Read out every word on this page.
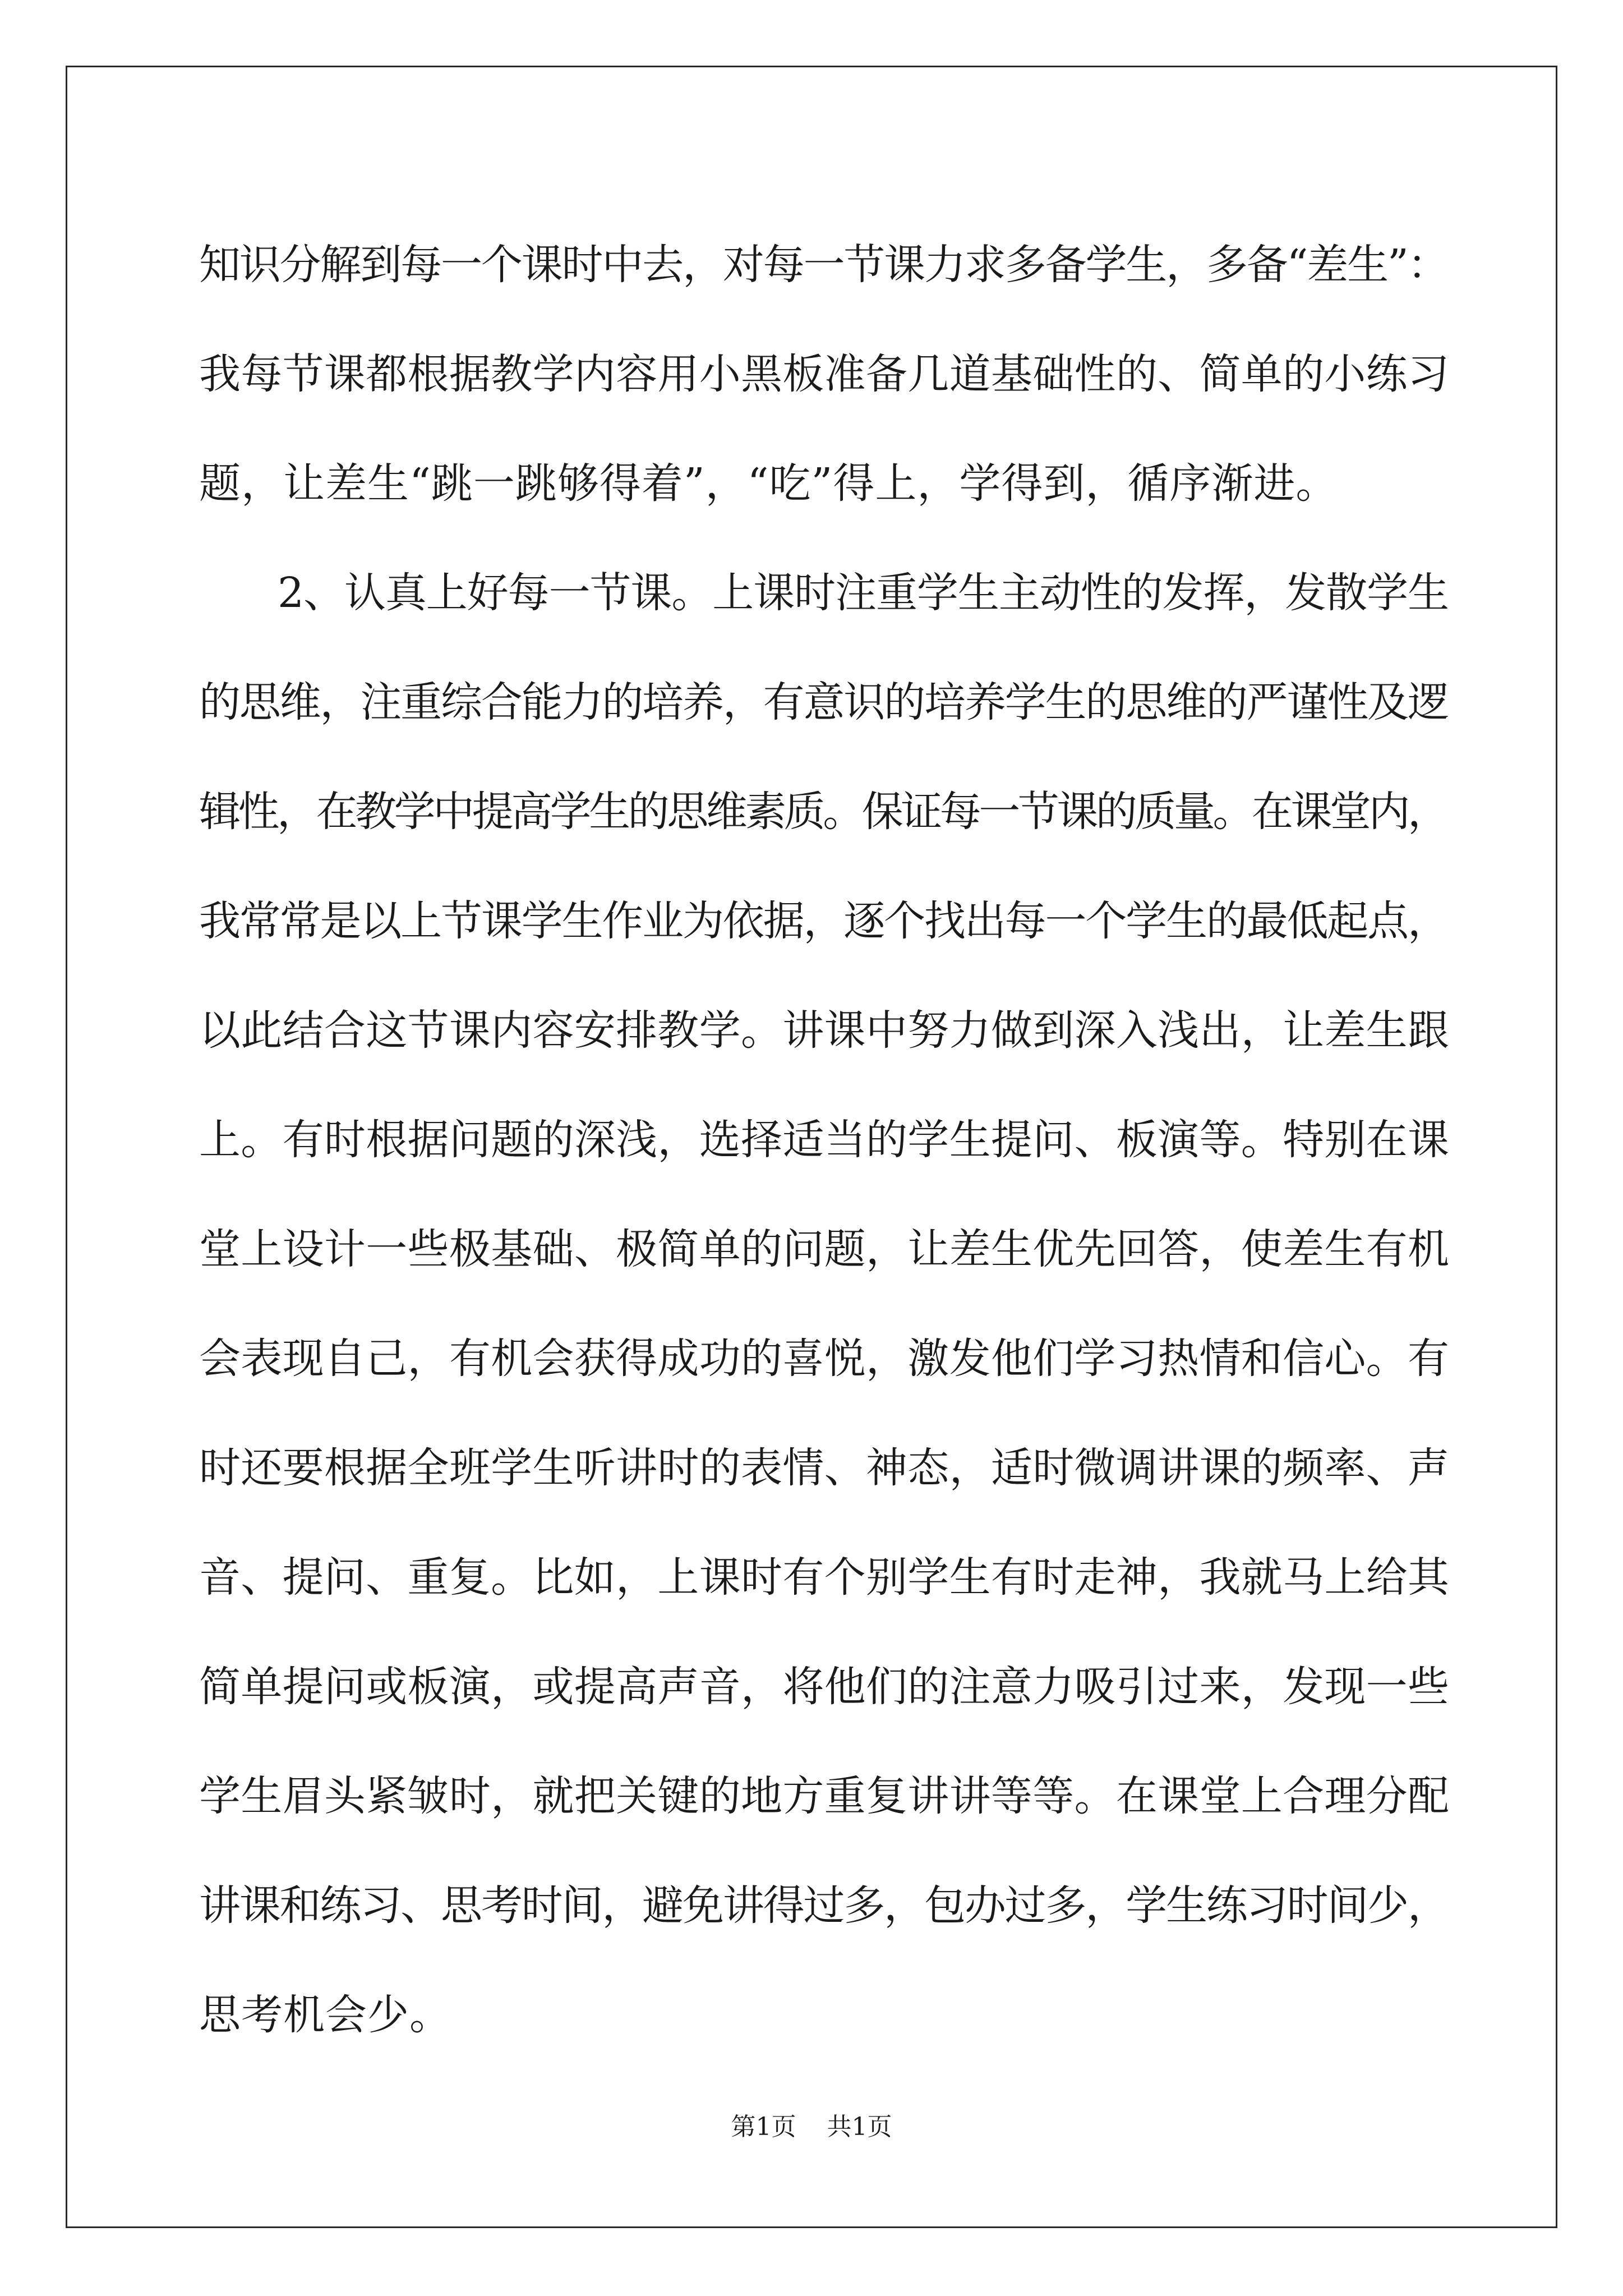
知识分解到每一个课时中去，对每一节课力求多备学生，多备“差生”：
我每节课都根据教学内容用小黑板准备几道基础性的、简单的小练习
题，让差生“跳一跳够得着”，“吃”得上，学得到，循序渐进。
2、认真上好每一节课。上课时注重学生主动性的发挥，发散学生
的思维，注重综合能力的培养，有意识的培养学生的思维的严谨性及逻
辑性，在教学中提高学生的思维素质。保证每一节课的质量。在课堂内，
我常常是以上节课学生作业为依据，逐个找出每一个学生的最低起点，
以此结合这节课内容安排教学。讲课中努力做到深入浅出，让差生跟
上。有时根据问题的深浅，选择适当的学生提问、板演等。特别在课
堂上设计一些极基础、极简单的问题，让差生优先回答，使差生有机
会表现自己，有机会获得成功的喜悦，激发他们学习热情和信心。有
时还要根据全班学生听讲时的表情、神态，适时微调讲课的频率、声
音、提问、重复。比如，上课时有个别学生有时走神，我就马上给其
简单提问或板演，或提高声音，将他们的注意力吸引过来，发现一些
学生眉头紧皱时，就把关键的地方重复讲讲等等。在课堂上合理分配
讲课和练习、思考时间，避免讲得过多，包办过多，学生练习时间少，
思考机会少。
第1页 共1页
